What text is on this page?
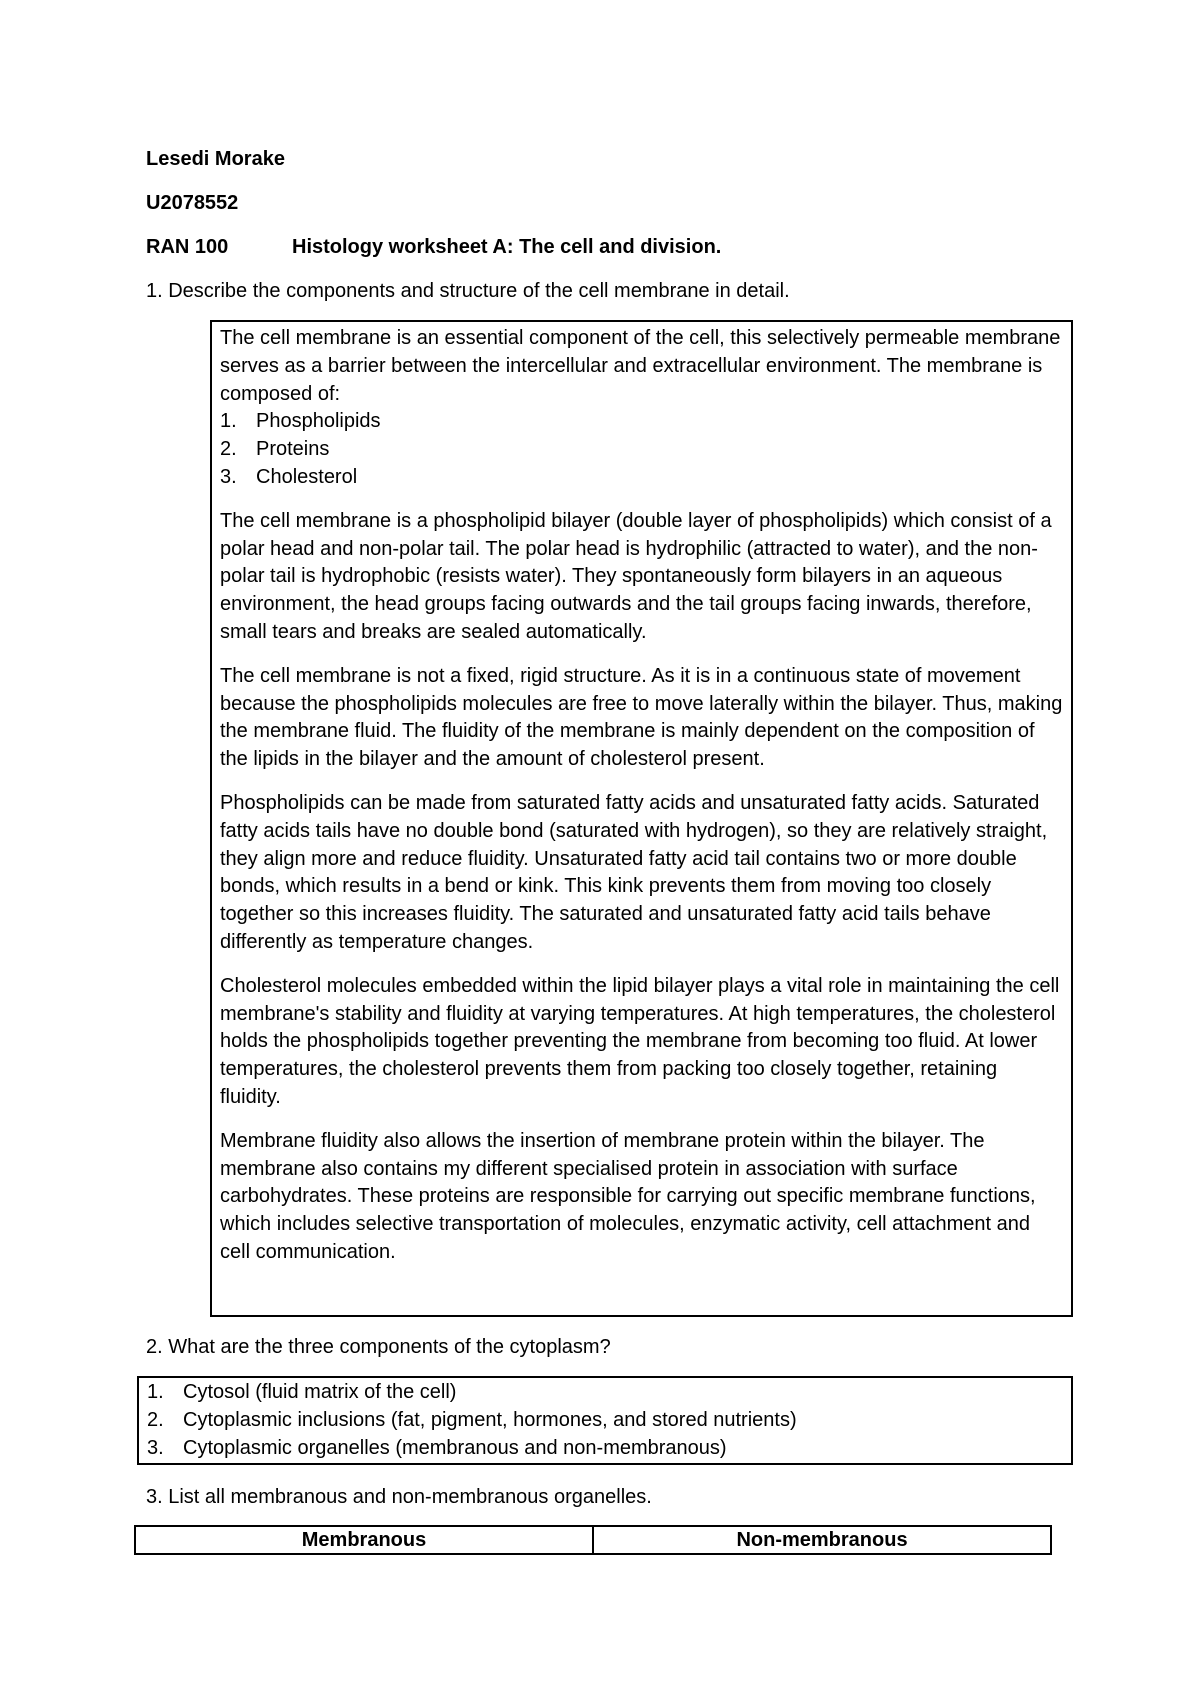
Lesedi Morake
U2078552
RAN 100	Histology worksheet A: The cell and division.
1. Describe the components and structure of the cell membrane in detail.

The cell membrane is an essential component of the cell, this selectively permeable membrane serves as a barrier between the intercellular and extracellular environment. The membrane is composed of:

1. Phospholipids
2. Proteins
3. Cholesterol

The cell membrane is a phospholipid bilayer (double layer of phospholipids) which consist of a polar head and non-polar tail. The polar head is hydrophilic (attracted to water), and the non-polar tail is hydrophobic (resists water). They spontaneously form bilayers in an aqueous environment, the head groups facing outwards and the tail groups facing inwards, therefore, small tears and breaks are sealed automatically.

The cell membrane is not a fixed, rigid structure. As it is in a continuous state of movement because the phospholipids molecules are free to move laterally within the bilayer. Thus, making the membrane fluid. The fluidity of the membrane is mainly dependent on the composition of the lipids in the bilayer and the amount of cholesterol present.

Phospholipids can be made from saturated fatty acids and unsaturated fatty acids. Saturated fatty acids tails have no double bond (saturated with hydrogen), so they are relatively straight, they align more and reduce fluidity. Unsaturated fatty acid tail contains two or more double bonds, which results in a bend or kink. This kink prevents them from moving too closely together so this increases fluidity. The saturated and unsaturated fatty acid tails behave differently as temperature changes.

Cholesterol molecules embedded within the lipid bilayer plays a vital role in maintaining the cell membrane's stability and fluidity at varying temperatures. At high temperatures, the cholesterol holds the phospholipids together preventing the membrane from becoming too fluid. At lower temperatures, the cholesterol prevents them from packing too closely together, retaining fluidity.

Membrane fluidity also allows the insertion of membrane protein within the bilayer. The membrane also contains my different specialised protein in association with surface carbohydrates. These proteins are responsible for carrying out specific membrane functions, which includes selective transportation of molecules, enzymatic activity, cell attachment and cell communication.

2. What are the three components of the cytoplasm?
1. Cytosol (fluid matrix of the cell)
2. Cytoplasmic inclusions (fat, pigment, hormones, and stored nutrients)
3. Cytoplasmic organelles (membranous and non-membranous)
3. List all membranous and non-membranous organelles.
Membranous	Non-membranous
